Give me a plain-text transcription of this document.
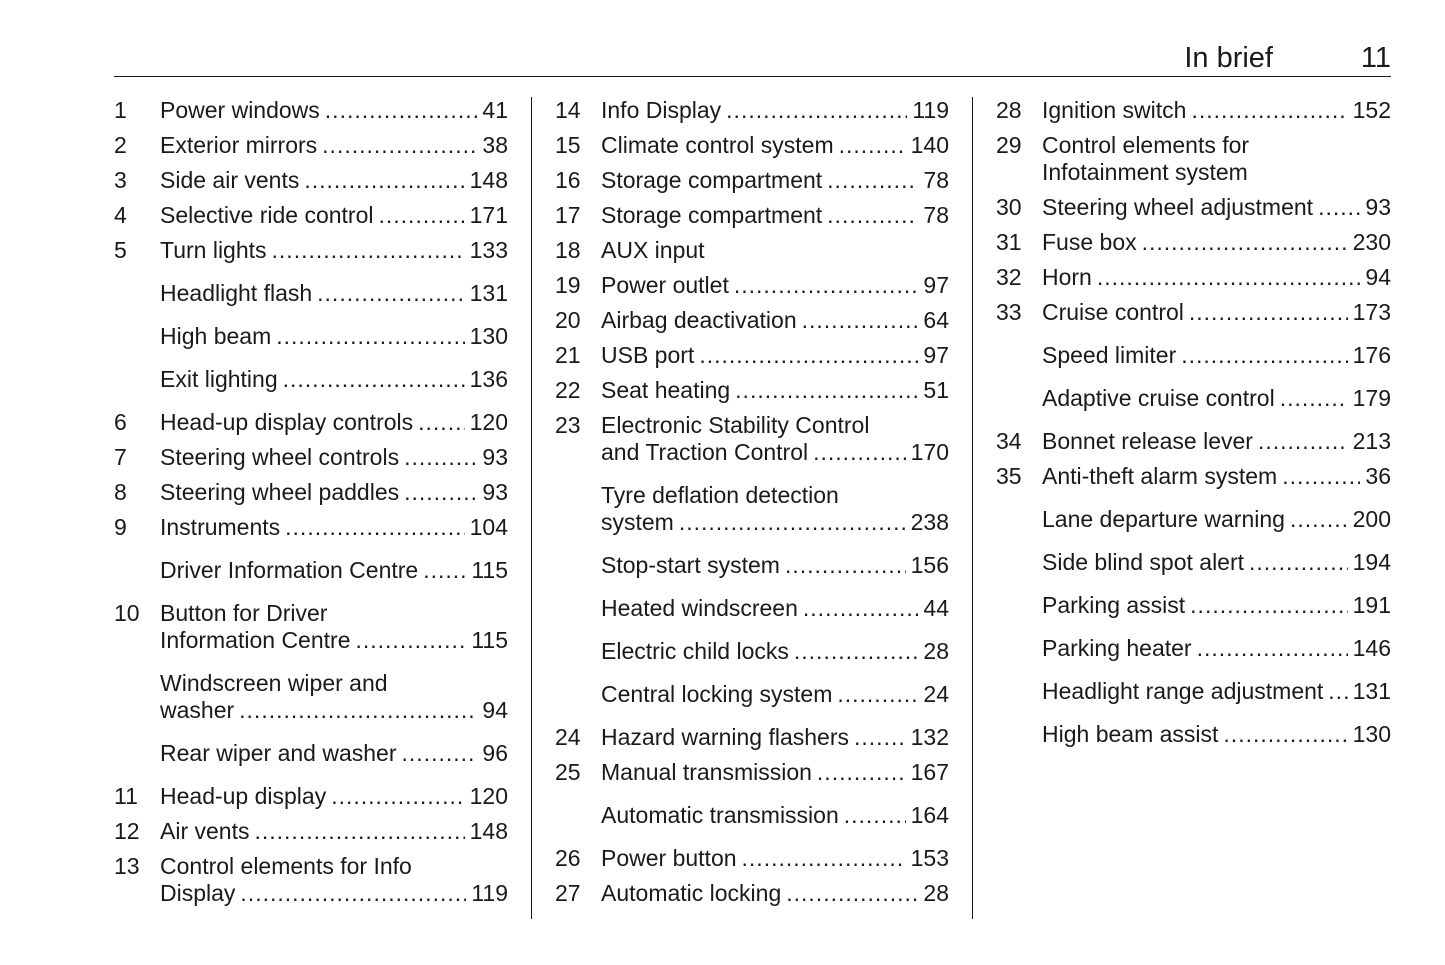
In brief	11
1	Power windows .....	41
2	Exterior mirrors .....	38
3	Side air vents .....	148
4	Selective ride control .....	171
5	Turn lights .....	133
Headlight flash .....	131
High beam .....	130
Exit lighting .....	136
6	Head-up display controls ..... 120
7	Steering wheel controls .....	93
8	Steering wheel paddles .....	93
9	Instruments .....	104
Driver Information Centre ..... 115
10 Button for Driver
Information Centre .....	115
Windscreen wiper and
washer .....	94
Rear wiper and washer .....	96
11 Head-up display .....	120
12 Air vents .....	148
13 Control elements for Info
Display .....	119
14 Info Display .....	119
15 Climate control system .....	140
16 Storage compartment .....	78
17 Storage compartment .....	78
18 AUX input
19 Power outlet .....	97
20 Airbag deactivation .....	64
21 USB port .....	97
22 Seat heating .....	51
23 Electronic Stability Control
and Traction Control .....	170
Tyre deflation detection
system .....	238
Stop-start system .....	156
Heated windscreen .....	44
Electric child locks .....	28
Central locking system .....	24
24 Hazard warning flashers .....	132
25 Manual transmission .....	167
Automatic transmission .....	164
26 Power button .....	153
27 Automatic locking .....	28
28 Ignition switch .....	152
29 Control elements for
Infotainment system
30 Steering wheel adjustment ..... 93
31 Fuse box .....	230
32 Horn .....	94
33 Cruise control .....	173
Speed limiter .....	176
Adaptive cruise control .....	179
34 Bonnet release lever .....	213
35 Anti-theft alarm system .....	36
Lane departure warning .....	200
Side blind spot alert .....	194
Parking assist .....	191
Parking heater .....	146
Headlight range adjustment ..... 131
High beam assist .....	130
